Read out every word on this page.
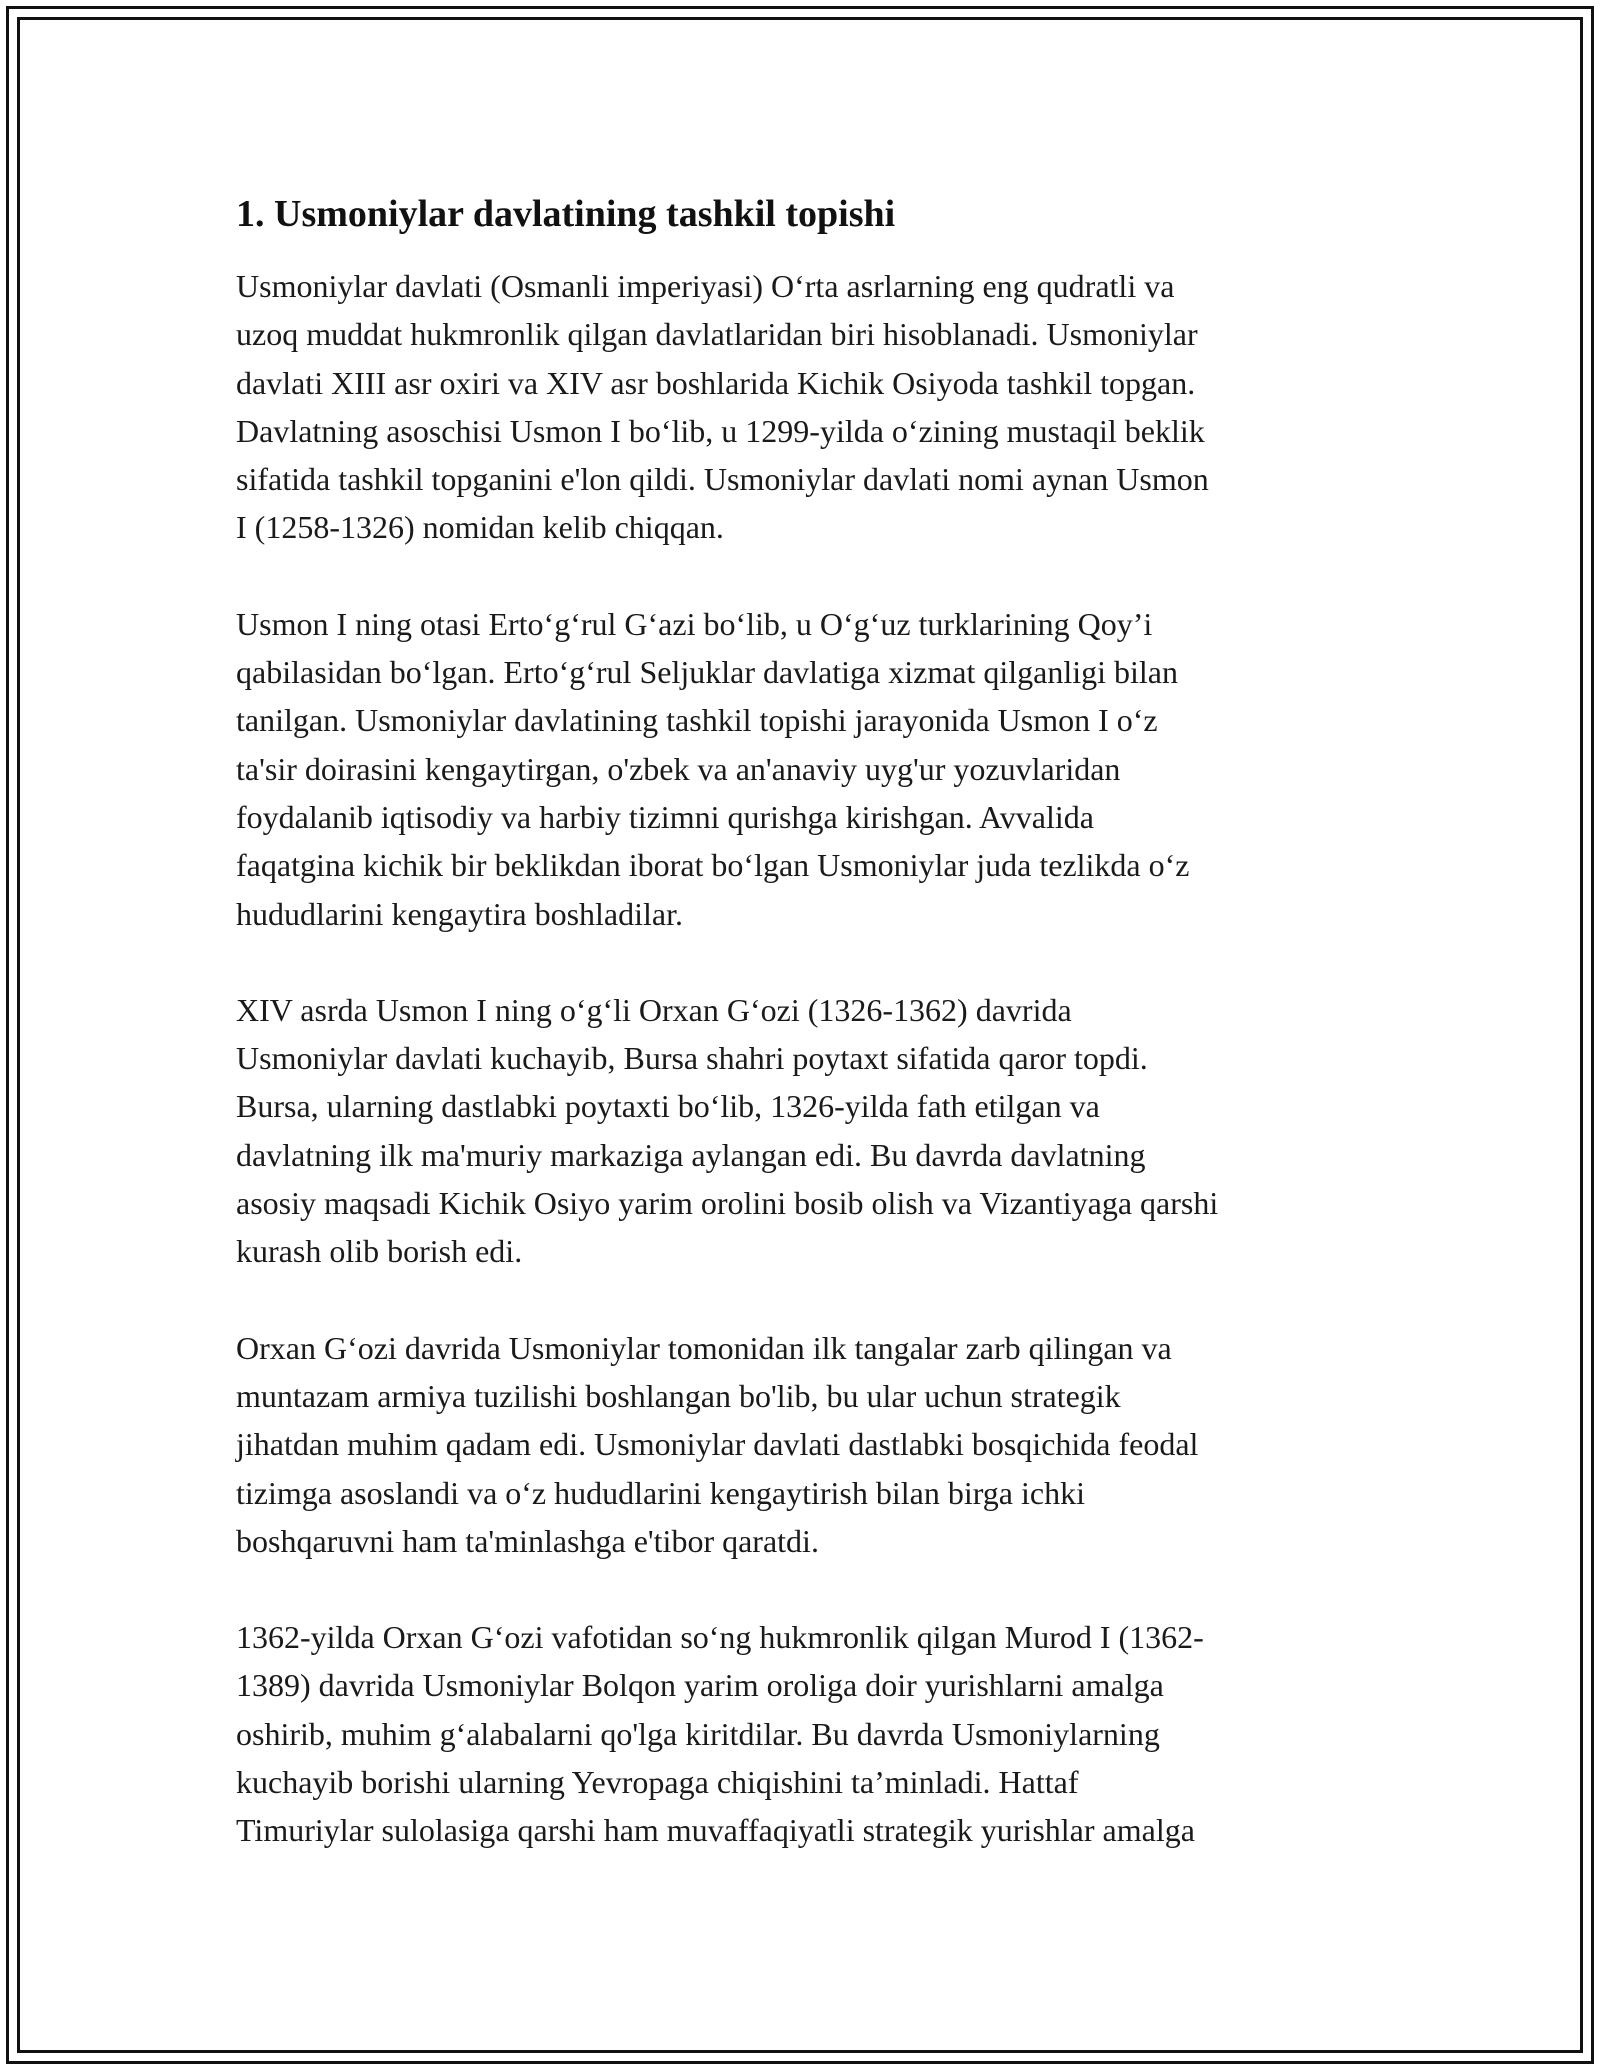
1. Usmoniylar davlatining tashkil topishi

Usmoniylar davlati (Osmanli imperiyasi) O‘rta asrlarning eng qudratli va
uzoq muddat hukmronlik qilgan davlatlaridan biri hisoblanadi. Usmoniylar
davlati XIII asr oxiri va XIV asr boshlarida Kichik Osiyoda tashkil topgan.
Davlatning asoschisi Usmon I bo‘lib, u 1299-yilda o‘zining mustaqil beklik
sifatida tashkil topganini e'lon qildi. Usmoniylar davlati nomi aynan Usmon
I (1258-1326) nomidan kelib chiqqan.

Usmon I ning otasi Erto‘g‘rul G‘azi bo‘lib, u O‘g‘uz turklarining Qoy’i
qabilasidan bo‘lgan. Erto‘g‘rul Seljuklar davlatiga xizmat qilganligi bilan
tanilgan. Usmoniylar davlatining tashkil topishi jarayonida Usmon I o‘z
ta'sir doirasini kengaytirgan, o'zbek va an'anaviy uyg'ur yozuvlaridan
foydalanib iqtisodiy va harbiy tizimni qurishga kirishgan. Avvalida
faqatgina kichik bir beklikdan iborat bo‘lgan Usmoniylar juda tezlikda o‘z
hududlarini kengaytira boshladilar.

XIV asrda Usmon I ning o‘g‘li Orxan G‘ozi (1326-1362) davrida
Usmoniylar davlati kuchayib, Bursa shahri poytaxt sifatida qaror topdi.
Bursa, ularning dastlabki poytaxti bo‘lib, 1326-yilda fath etilgan va
davlatning ilk ma'muriy markaziga aylangan edi. Bu davrda davlatning
asosiy maqsadi Kichik Osiyo yarim orolini bosib olish va Vizantiyaga qarshi
kurash olib borish edi.

Orxan G‘ozi davrida Usmoniylar tomonidan ilk tangalar zarb qilingan va
muntazam armiya tuzilishi boshlangan bo'lib, bu ular uchun strategik
jihatdan muhim qadam edi. Usmoniylar davlati dastlabki bosqichida feodal
tizimga asoslandi va o‘z hududlarini kengaytirish bilan birga ichki
boshqaruvni ham ta'minlashga e'tibor qaratdi.

1362-yilda Orxan G‘ozi vafotidan so‘ng hukmronlik qilgan Murod I (1362-
1389) davrida Usmoniylar Bolqon yarim oroliga doir yurishlarni amalga
oshirib, muhim g‘alabalarni qo'lga kiritdilar. Bu davrda Usmoniylarning
kuchayib borishi ularning Yevropaga chiqishini ta’minladi. Hattaf
Timuriylar sulolasiga qarshi ham muvaffaqiyatli strategik yurishlar amalga
